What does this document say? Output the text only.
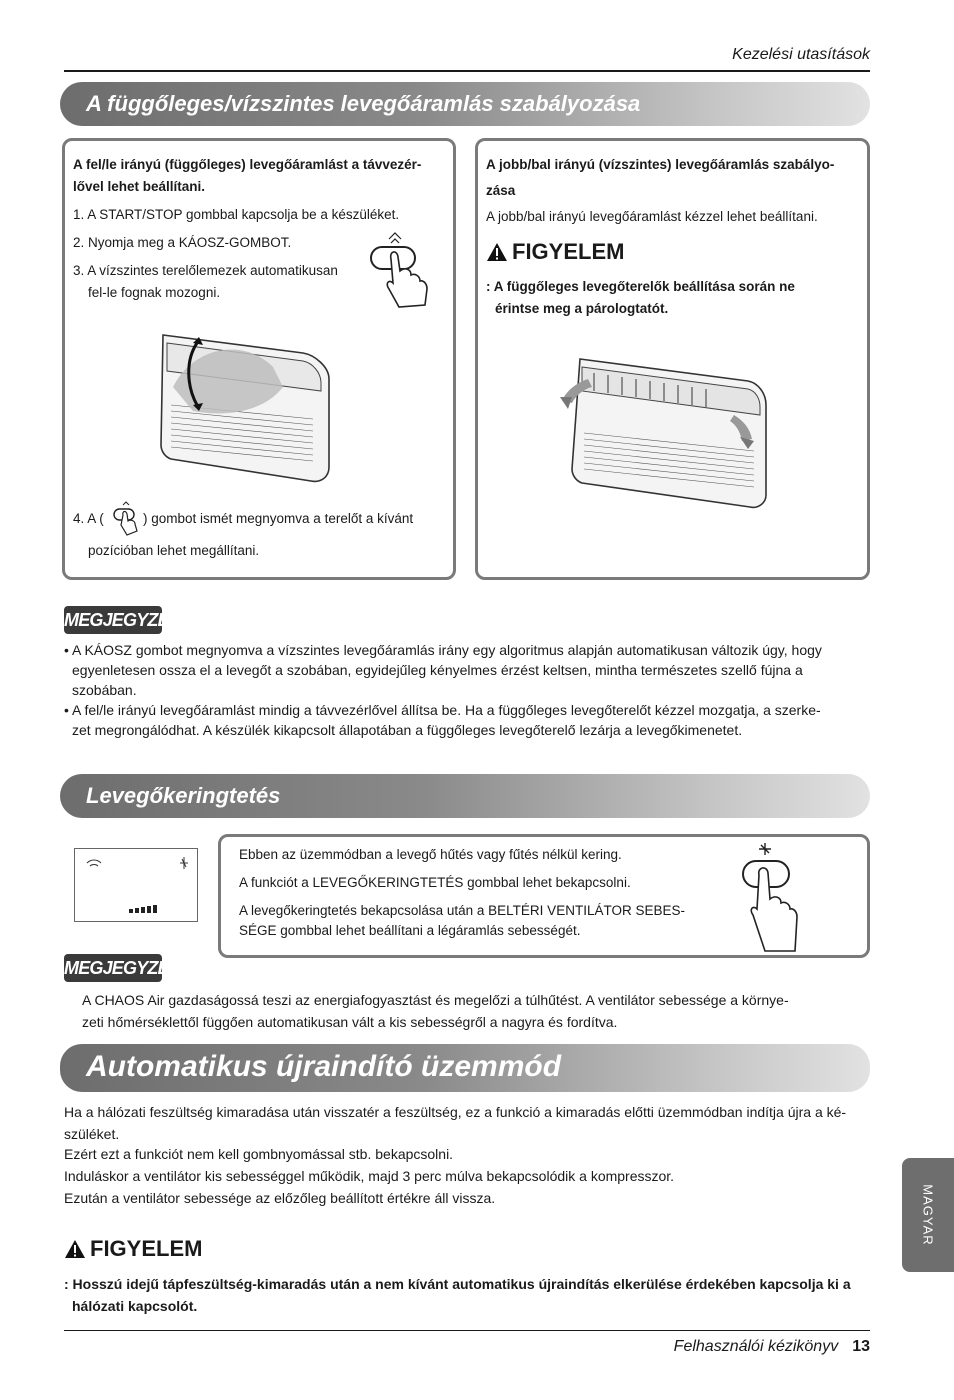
Kezelési utasítások
A függőleges/vízszintes levegőáramlás szabályozása
A fel/le irányú (függőleges) levegőáramlást a távvezér-
lővel lehet beállítani.
1. A START/STOP gombbal kapcsolja be a készüléket.
2. Nyomja meg a KÁOSZ-GOMBOT.
3. A vízszintes terelőlemezek automatikusan
fel-le fognak mozogni.
4. A (	) gombot ismét megnyomva a terelőt a kívánt
pozícióban lehet megállítani.
A jobb/bal irányú (vízszintes) levegőáramlás szabályo-
zása
A jobb/bal irányú levegőáramlást kézzel lehet beállítani.
FIGYELEM
: A függőleges levegőterelők beállítása során ne
érintse meg a párologtatót.
MEGJEGYZÉS
• A KÁOSZ gombot megnyomva a vízszintes levegőáramlás irány egy algoritmus alapján automatikusan változik úgy, hogy
egyenletesen ossza el a levegőt a szobában, egyidejűleg kényelmes érzést keltsen, mintha természetes szellő fújna a
szobában.
• A fel/le irányú levegőáramlást mindig a távvezérlővel állítsa be. Ha a függőleges levegőterelőt kézzel mozgatja, a szerke-
zet megrongálódhat. A készülék kikapcsolt állapotában a függőleges levegőterelő lezárja a levegőkimenetet.
Levegőkeringtetés
Ebben az üzemmódban a levegő hűtés vagy fűtés nélkül kering.
A funkciót a LEVEGŐKERINGTETÉS gombbal lehet bekapcsolni.
A levegőkeringtetés bekapcsolása után a BELTÉRI VENTILÁTOR SEBES-
SÉGE gombbal lehet beállítani a légáramlás sebességét.
MEGJEGYZÉS
A CHAOS Air gazdaságossá teszi az energiafogyasztást és megelőzi a túlhűtést. A ventilátor sebessége a környe-
zeti hőmérséklettől függően automatikusan vált a kis sebességről a nagyra és fordítva.
Automatikus újraindító üzemmód
Ha a hálózati feszültség kimaradása után visszatér a feszültség, ez a funkció a kimaradás előtti üzemmódban indítja újra a ké-
szüléket.
Ezért ezt a funkciót nem kell gombnyomással stb. bekapcsolni.
Induláskor a ventilátor kis sebességgel működik, majd 3 perc múlva bekapcsolódik a kompresszor.
Ezután a ventilátor sebessége az előzőleg beállított értékre áll vissza.
FIGYELEM
: Hosszú idejű tápfeszültség-kimaradás után a nem kívánt automatikus újraindítás elkerülése érdekében kapcsolja ki a
hálózati kapcsolót.
MAGYAR
Felhasználói kézikönyv 13
